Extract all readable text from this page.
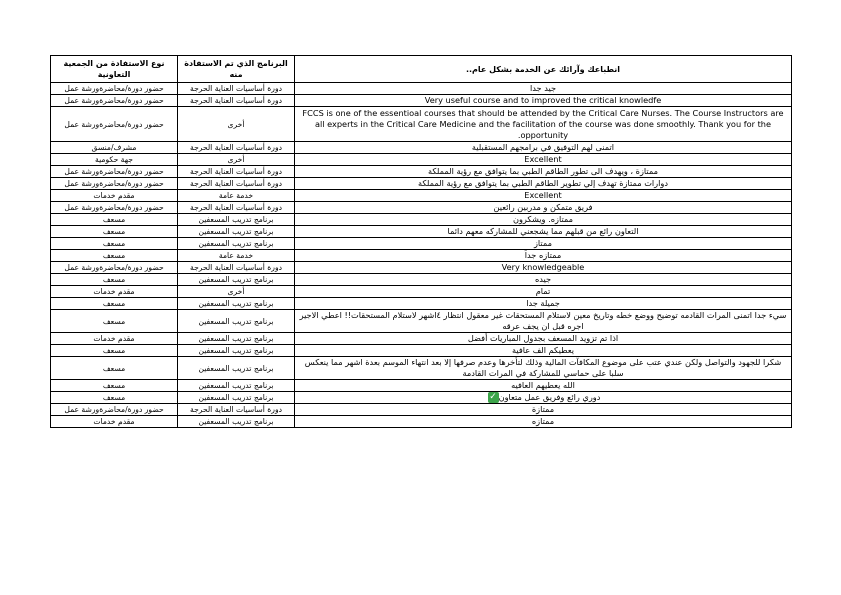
انطباعك وآرائك عن الخدمة بشكل عام..	البرنامج الذي تم الاستفادة منه	نوع الاستفادة من الجمعية التعاونية
جيد جدا	دورة أساسيات العناية الحرجة	حضور دورة/محاضرةورشة عمل
Very useful course and to improved the critical knowledfe	دورة أساسيات العناية الحرجة	حضور دورة/محاضرةورشة عمل
FCCS is one of the essentioal courses that should be attended by the Critical Care Nurses. The Course Instructors are all experts in the Critical Care Medicine and the facilitation of the course was done smoothly. Thank you for the opportunity.	أخرى	حضور دورة/محاضرةورشة عمل
اتمنى لهم التوفيق في برامجهم المستقبلية	دورة أساسيات العناية الحرجة	مشرف/منسق
Excellent	أخرى	جهة حكومية
ممتازة ، ويهدف الى تطور الطاقم الطبي بما يتوافق مع رؤية المملكة	دورة أساسيات العناية الحرجة	حضور دورة/محاضرةورشة عمل
دوارات ممتازة تهدف إلي تطوير الطاقم الطبي بما يتوافق مع رؤية المملكة	دورة أساسيات العناية الحرجة	حضور دورة/محاضرةورشة عمل
Excellent	خدمة عامة	مقدم خدمات
فريق متمكن و مدربين رائعين	دورة أساسيات العناية الحرجة	حضور دورة/محاضرةورشة عمل
ممتازه. ويشكرون	برنامج تدريب المسعفين	مسعف
التعاون رائع من قبلهم مما يشجعني للمشاركه معهم دائما	برنامج تدريب المسعفين	مسعف
ممتاز	برنامج تدريب المسعفين	مسعف
ممتازه جداً	خدمة عامة	مسعف
Very knowledgeable	دورة أساسيات العناية الحرجة	حضور دورة/محاضرةورشة عمل
جيده	برنامج تدريب المسعفين	مسعف
تمام	أخرى	مقدم خدمات
جميلة جدا	برنامج تدريب المسعفين	مسعف
سيء جدا اتمنى المرات القادمه توضيح ووضع خطه وتاريخ معين لاستلام المستحقات غير معقول انتظار ٤اشهر لاستلام المستحقات!! اعطي الاجير اجره قبل ان يجف عرقه	برنامج تدريب المسعفين	مسعف
اذا تم تزويد المسعف بجدول المباريات أفضل	برنامج تدريب المسعفين	مقدم خدمات
يعطيكم الف عافية	برنامج تدريب المسعفين	مسعف
شكرا للجهود والتواصل ولكن عندي عتب على موضوع المكافآت المالية وذلك لتأخرها وعدم صرفها إلا بعد انتهاء الموسم بعدة اشهر مما ينعكس سلبا على حماسي للمشاركة في المرات القادمة	برنامج تدريب المسعفين	مسعف
الله يعطيهم العافيه	برنامج تدريب المسعفين	مسعف
دوري رائع وفريق عمل متعاون✓	برنامج تدريب المسعفين	مسعف
ممتازة	دورة أساسيات العناية الحرجة	حضور دورة/محاضرةورشة عمل
ممتازه	برنامج تدريب المسعفين	مقدم خدمات
